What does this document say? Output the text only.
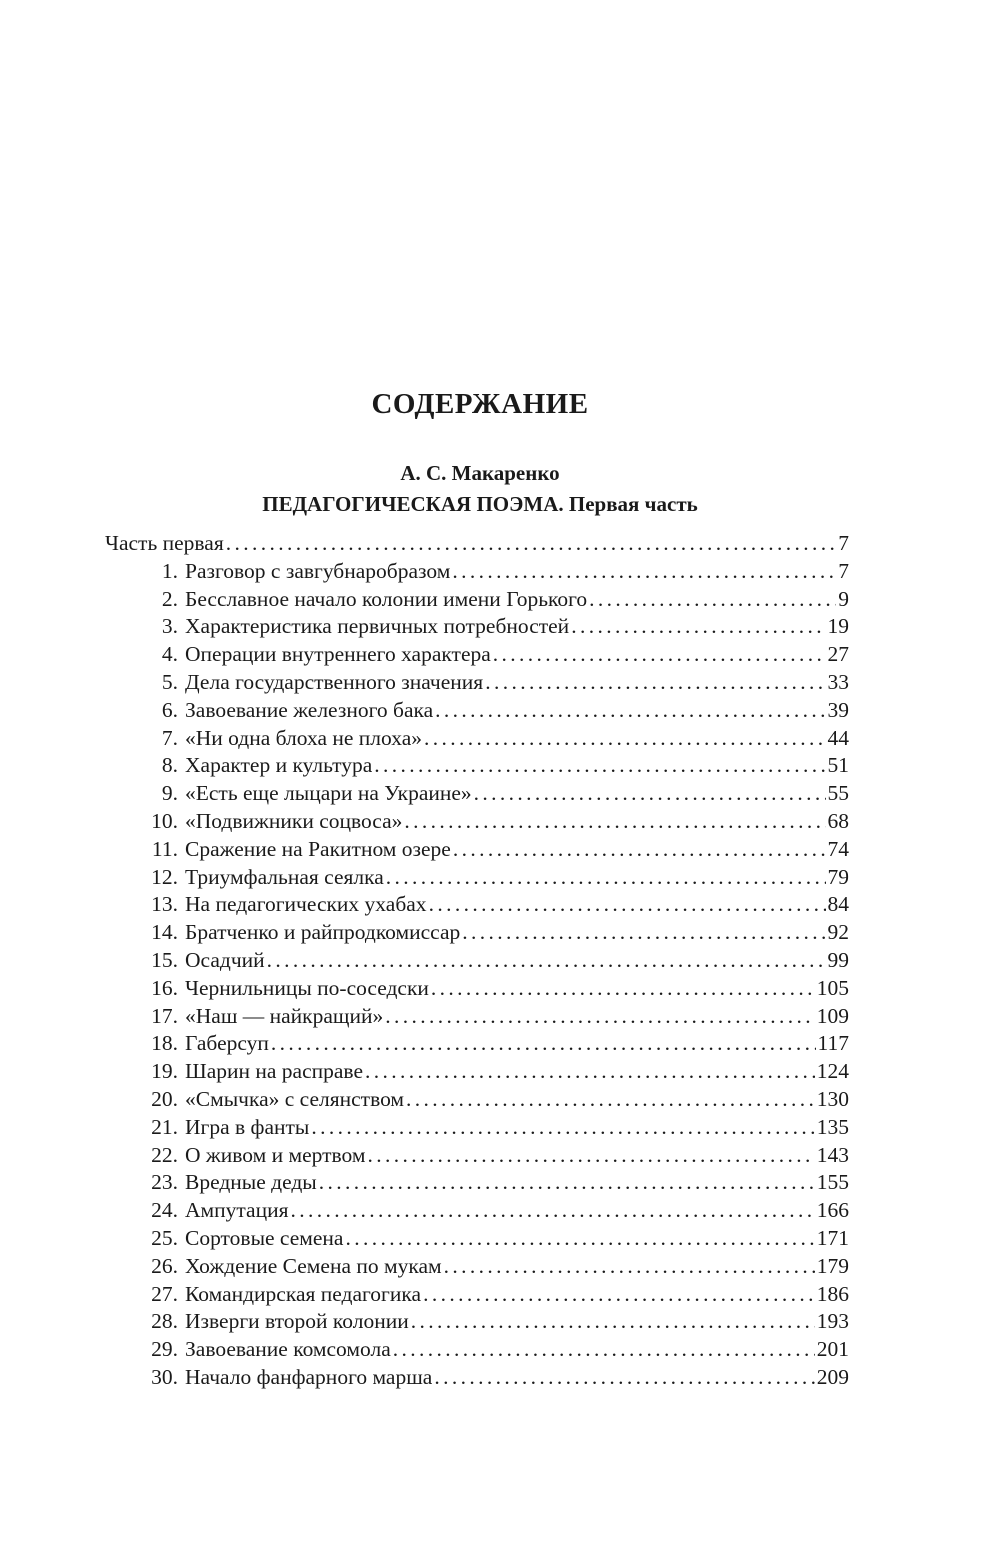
СОДЕРЖАНИЕ
А. С. Макаренко
ПЕДАГОГИЧЕСКАЯ ПОЭМА. Первая часть
Часть первая . . .	7
1. Разговор с завгубнаробразом . . .	7
2. Бесславное начало колонии имени Горького . . .	9
3. Характеристика первичных потребностей . . .	19
4. Операции внутреннего характера . . .	27
5. Дела государственного значения . . .	33
6. Завоевание железного бака . . .	39
7. «Ни одна блоха не плоха» . . .	44
8. Характер и культура . . .	51
9. «Есть еще лыцари на Украине» . . .	55
10. «Подвижники соцвоса» . . .	68
11. Сражение на Ракитном озере . . .	74
12. Триумфальная сеялка . . .	79
13. На педагогических ухабах . . .	84
14. Братченко и райпродкомиссар . . .	92
15. Осадчий . . .	99
16. Чернильницы по-соседски . . .	105
17. «Наш — найкращий» . . .	109
18. Габерсуп . . .	117
19. Шарин на расправе . . .	124
20. «Смычка» с селянством . . .	130
21. Игра в фанты . . .	135
22. О живом и мертвом . . .	143
23. Вредные деды . . .	155
24. Ампутация . . .	166
25. Сортовые семена . . .	171
26. Хождение Семена по мукам . . .	179
27. Командирская педагогика . . .	186
28. Изверги второй колонии . . .	193
29. Завоевание комсомола . . .	201
30. Начало фанфарного марша . . .	209
